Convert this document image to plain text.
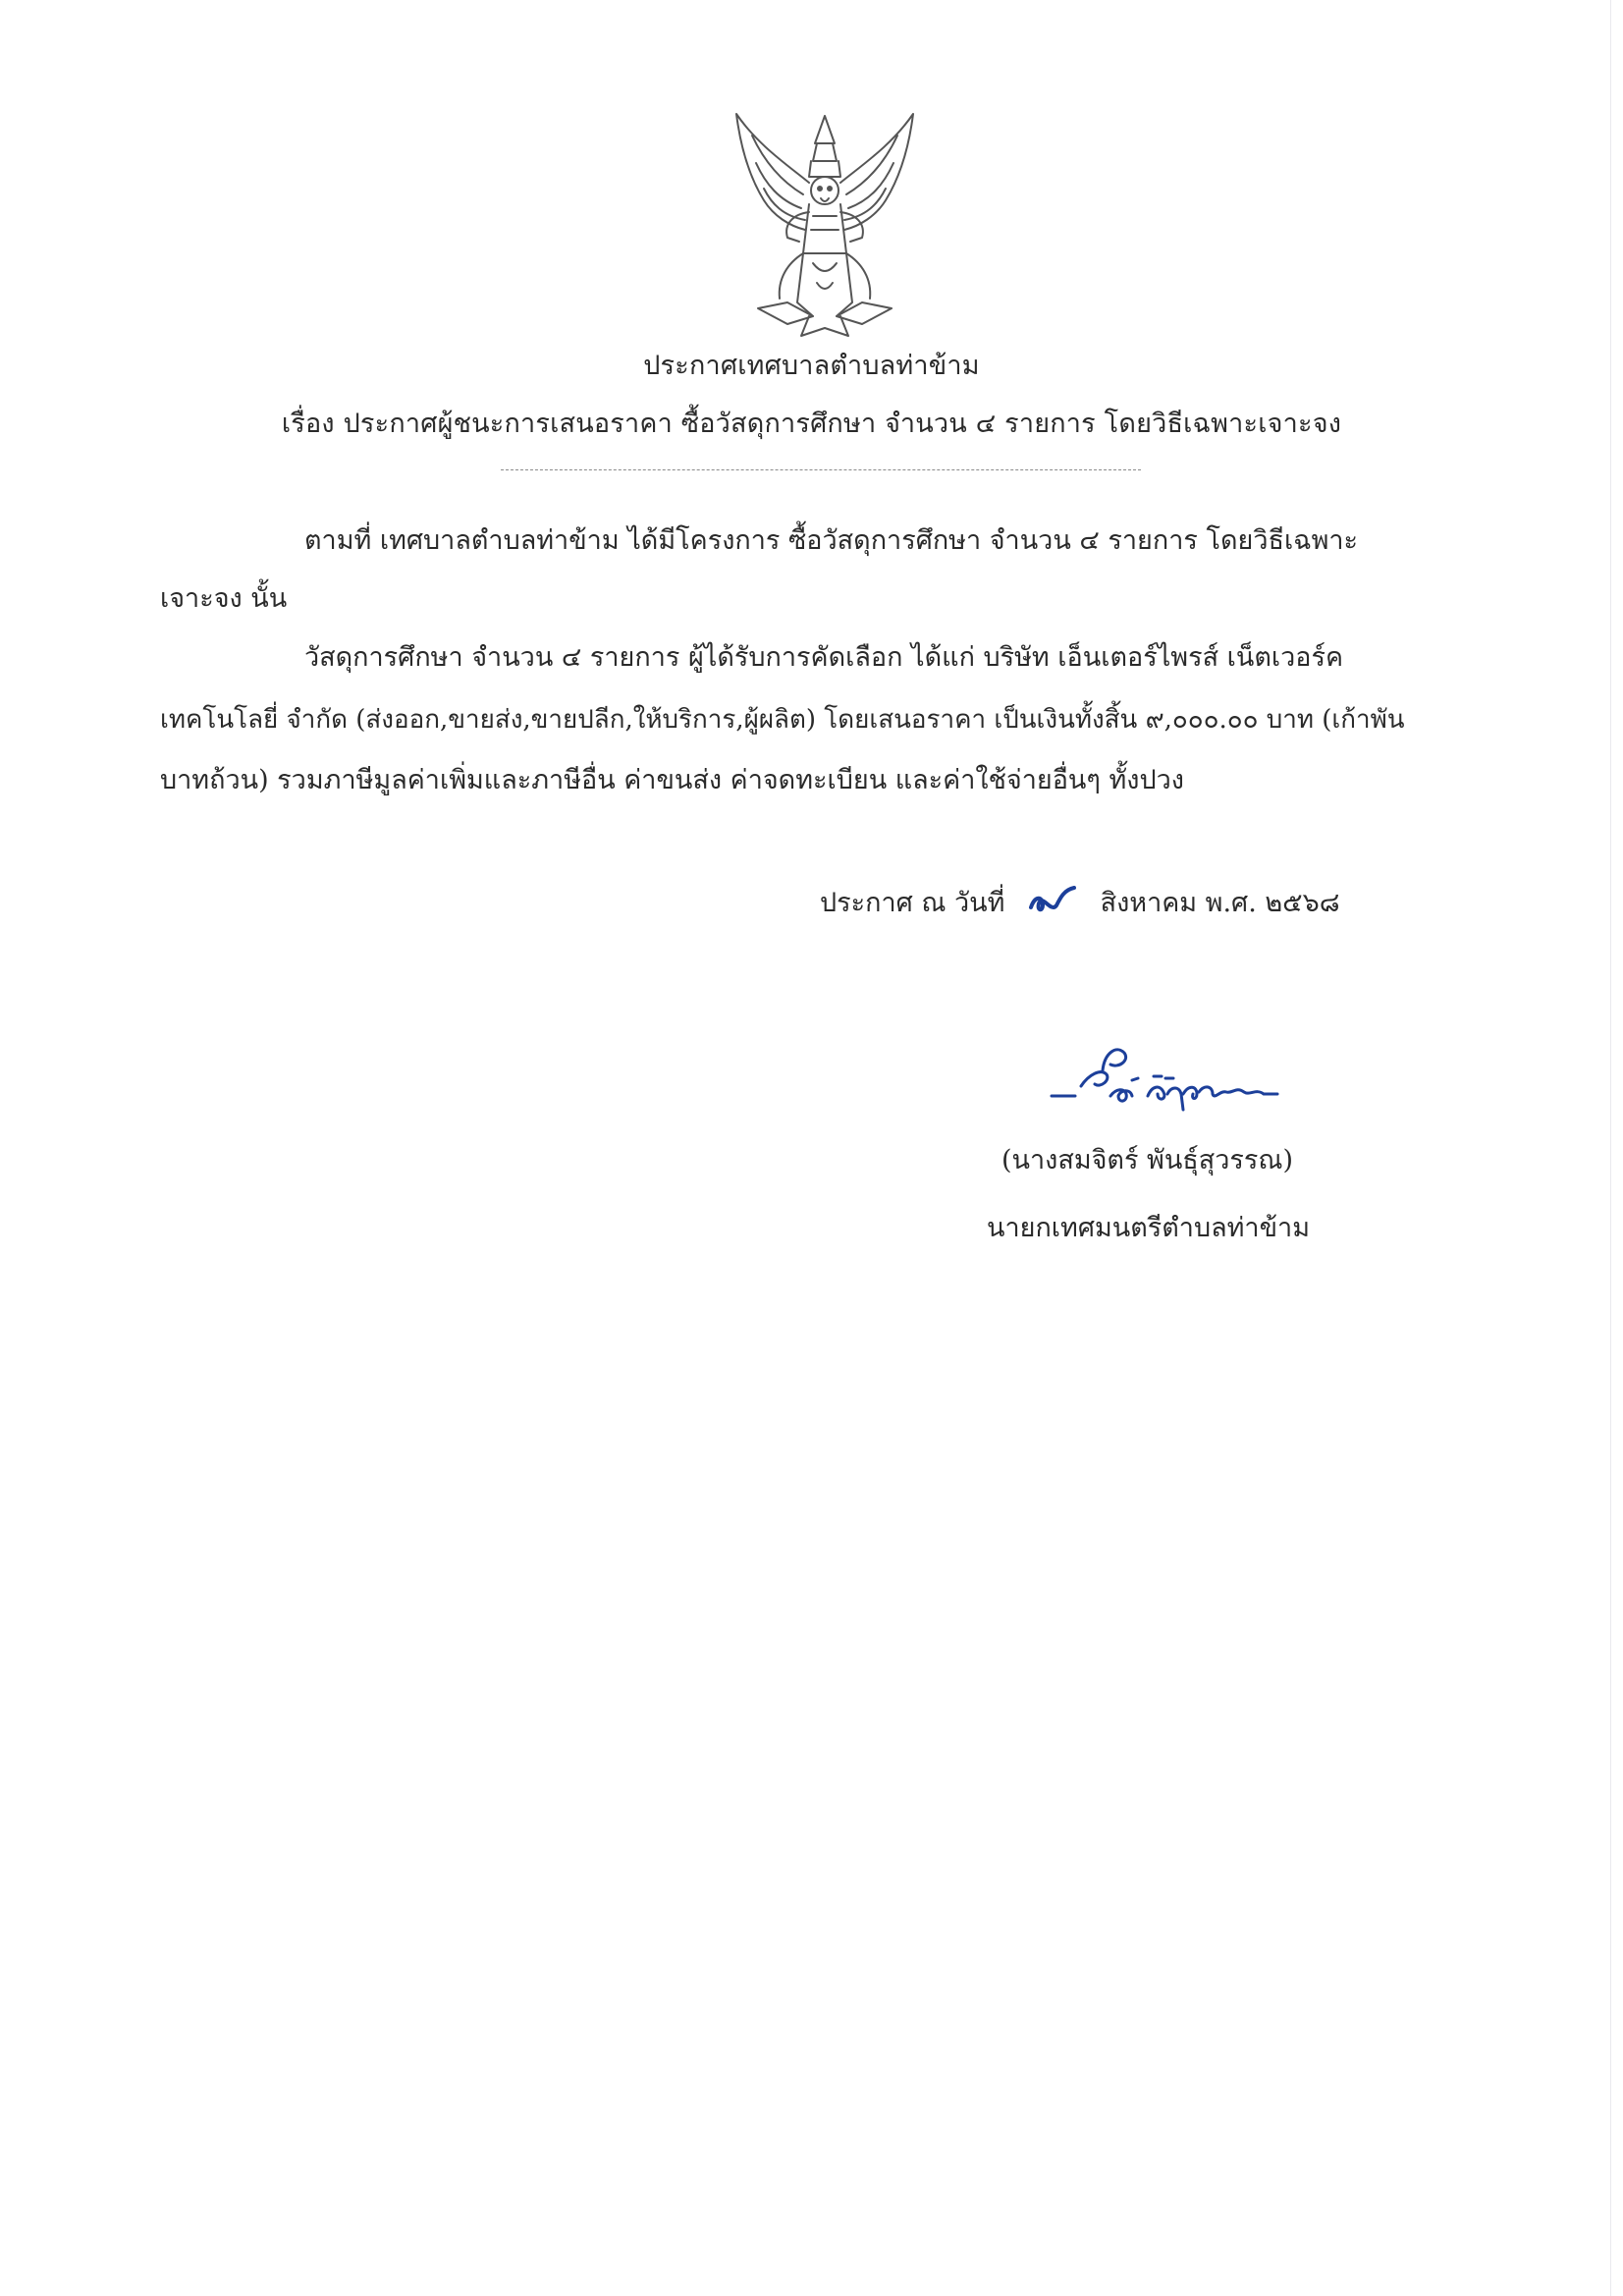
ประกาศเทศบาลตำบลท่าข้าม
เรื่อง ประกาศผู้ชนะการเสนอราคา ซื้อวัสดุการศึกษา จำนวน ๔ รายการ โดยวิธีเฉพาะเจาะจง
ตามที่ เทศบาลตำบลท่าข้าม ได้มีโครงการ ซื้อวัสดุการศึกษา จำนวน ๔ รายการ โดยวิธีเฉพาะ
เจาะจง นั้น
วัสดุการศึกษา จำนวน ๔ รายการ ผู้ได้รับการคัดเลือก ได้แก่ บริษัท เอ็นเตอร์ไพรส์ เน็ตเวอร์ค
เทคโนโลยี่ จำกัด (ส่งออก,ขายส่ง,ขายปลีก,ให้บริการ,ผู้ผลิต) โดยเสนอราคา เป็นเงินทั้งสิ้น ๙,๐๐๐.๐๐ บาท (เก้าพัน
บาทถ้วน) รวมภาษีมูลค่าเพิ่มและภาษีอื่น ค่าขนส่ง ค่าจดทะเบียน และค่าใช้จ่ายอื่นๆ ทั้งปวง
ประกาศ ณ วันที่	สิงหาคม พ.ศ. ๒๕๖๘
(นางสมจิตร์ พันธุ์สุวรรณ)
นายกเทศมนตรีตำบลท่าข้าม
